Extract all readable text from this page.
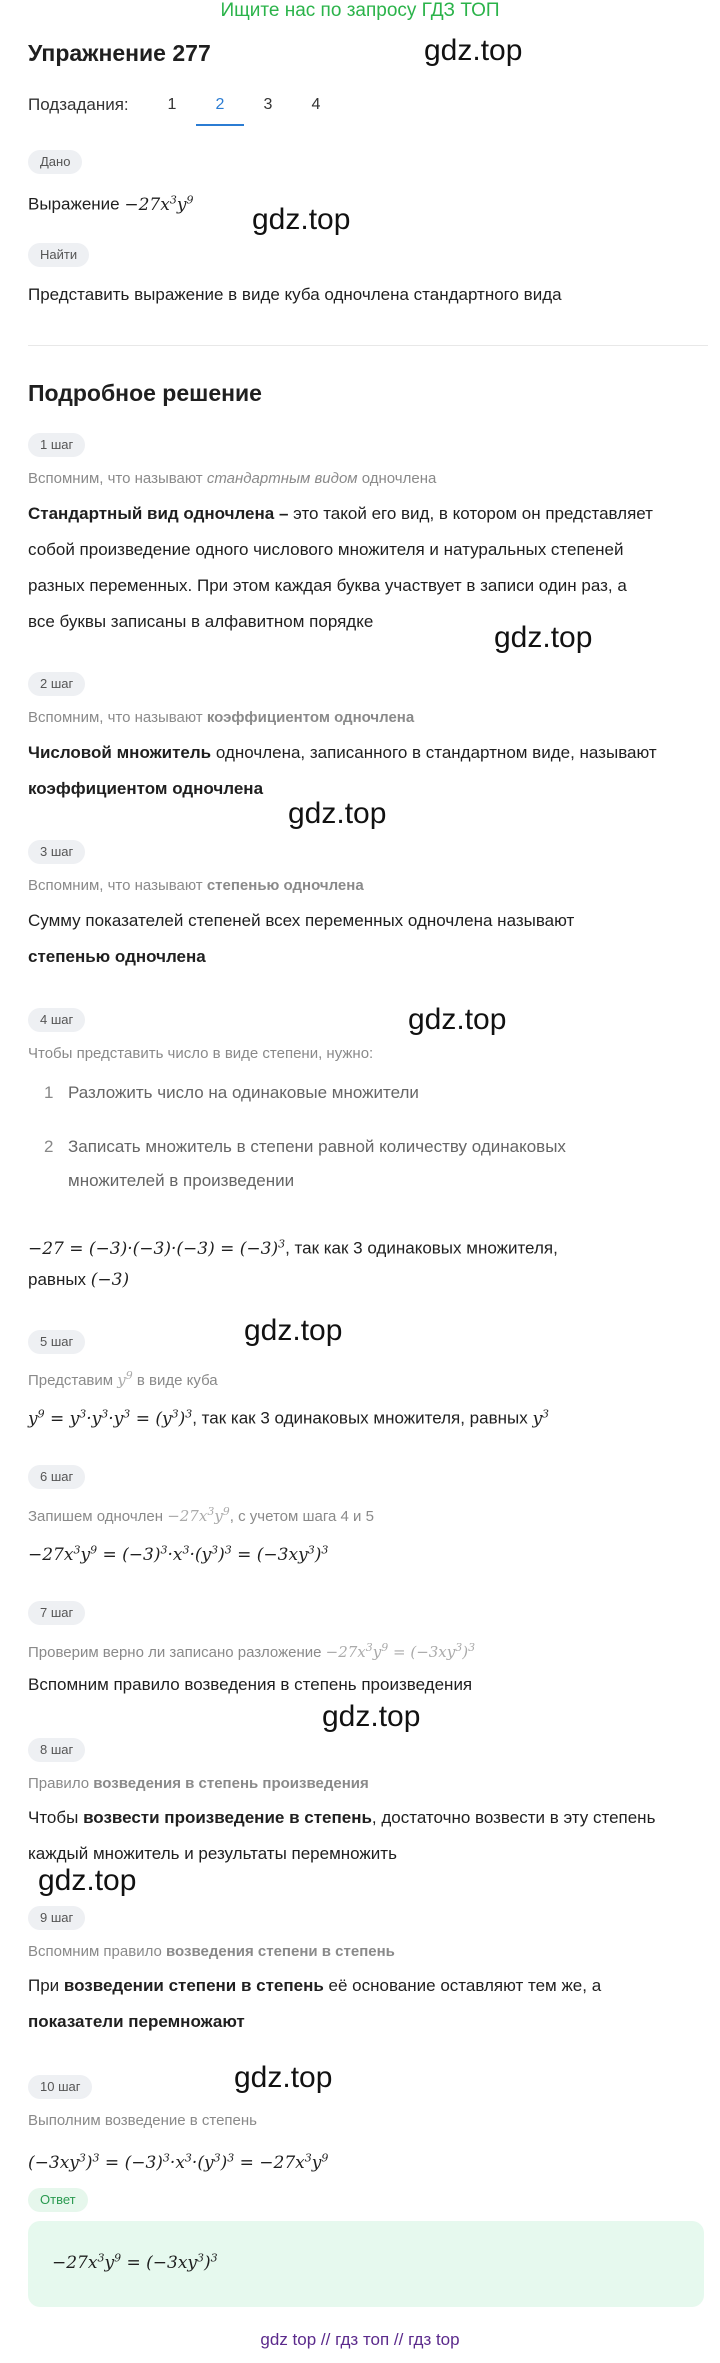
Ищите нас по запросу ГДЗ ТОП
Упражнение 277	gdz.top
gdz.top
gdz.top
gdz.top
gdz.top
gdz.top
gdz.top
gdz.top
gdz.top
Подзадания:	1	2	3	4
Дано
Выражение $-27x^3y^9$
Найти
Представить выражение в виде куба одночлена стандартного вида
Подробное решение
1 шаг
Вспомним, что называют стандартным видом одночлена
Стандартный вид одночлена – это такой его вид, в котором он представляет
собой произведение одного числового множителя и натуральных степеней
разных переменных. При этом каждая буква участвует в записи один раз, а
все буквы записаны в алфавитном порядке
2 шаг
Вспомним, что называют коэффициентом одночлена
Числовой множитель одночлена, записанного в стандартном виде, называют
коэффициентом одночлена
3 шаг
Вспомним, что называют степенью одночлена
Сумму показателей степеней всех переменных одночлена называют
степенью одночлена
4 шаг
Чтобы представить число в виде степени, нужно:
1 Разложить число на одинаковые множители
2 Записать множитель в степени равной количеству одинаковых
множителей в произведении
$-27 = (-3)\cdot(-3)\cdot(-3) = (-3)^3$, так как 3 одинаковых множителя,
равных (−3)
5 шаг
Представим $y^9$ в виде куба
$y^9 = y^3\cdot y^3\cdot y^3 = (y^3)^3$, так как 3 одинаковых множителя, равных $y^3$
6 шаг
Запишем одночлен $-27x^3y^9$, с учетом шага 4 и 5
$-27x^3y^9 = (-3)^3\cdot x^3\cdot(y^3)^3 = (-3xy^3)^3$
7 шаг
Проверим верно ли записано разложение $-27x^3y^9 = (-3xy^3)^3$
Вспомним правило возведения в степень произведения
8 шаг
Правило возведения в степень произведения
Чтобы возвести произведение в степень, достаточно возвести в эту степень
каждый множитель и результаты перемножить
9 шаг
Вспомним правило возведения степени в степень
При возведении степени в степень её основание оставляют тем же, а
показатели перемножают
10 шаг
Выполним возведение в степень
$(-3xy^3)^3 = (-3)^3\cdot x^3\cdot(y^3)^3 = -27x^3y^9$
Ответ
$-27x^3y^9 = (-3xy^3)^3$
gdz top // гдз топ // гдз top
